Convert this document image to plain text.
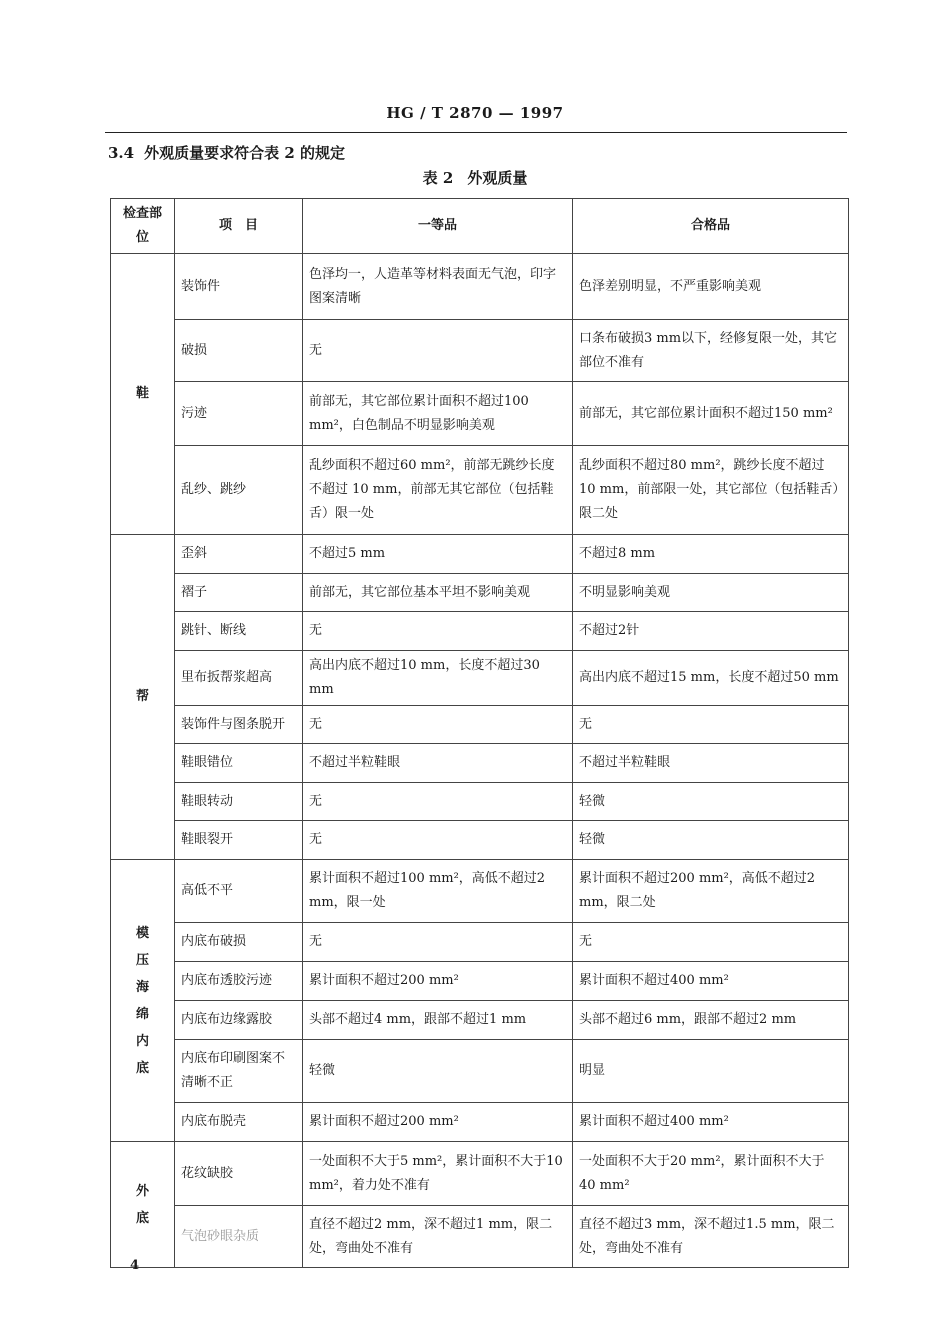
HG / T 2870 — 1997
3.4 外观质量要求符合表 2 的规定
表 2 外观质量
检查部位	项　目	一等品	合格品
鞋	装饰件	色泽均一，人造革等材料表面无气泡，印字图案清晰	色泽差别明显，不严重影响美观
	破损	无	口条布破损3 mm以下，经修复限一处，其它部位不准有
	污迹	前部无，其它部位累计面积不超过100 mm²，白色制品不明显影响美观	前部无，其它部位累计面积不超过150 mm²
	乱纱、跳纱	乱纱面积不超过60 mm²，前部无跳纱长度不超过 10 mm，前部无其它部位（包括鞋舌）限一处	乱纱面积不超过80 mm²，跳纱长度不超过 10 mm，前部限一处，其它部位（包括鞋舌）限二处
帮	歪斜	不超过5 mm	不超过8 mm
	褶子	前部无，其它部位基本平坦不影响美观	不明显影响美观
	跳针、断线	无	不超过2针
	里布扳帮浆超高	高出内底不超过10 mm，长度不超过30 mm	高出内底不超过15 mm，长度不超过50 mm
	装饰件与图条脱开	无	无
	鞋眼错位	不超过半粒鞋眼	不超过半粒鞋眼
	鞋眼转动	无	轻微
	鞋眼裂开	无	轻微
模压海绵内底	高低不平	累计面积不超过100 mm²，高低不超过2 mm，限一处	累计面积不超过200 mm²，高低不超过2 mm，限二处
	内底布破损	无	无
	内底布透胶污迹	累计面积不超过200 mm²	累计面积不超过400 mm²
	内底布边缘露胶	头部不超过4 mm，跟部不超过1 mm	头部不超过6 mm，跟部不超过2 mm
	内底布印刷图案不清晰不正	轻微	明显
	内底布脱壳	累计面积不超过200 mm²	累计面积不超过400 mm²
外　底	花纹缺胶	一处面积不大于5 mm²，累计面积不大于10 mm²，着力处不准有	一处面积不大于20 mm²，累计面积不大于 40 mm²
	气泡砂眼杂质	直径不超过2 mm，深不超过1 mm，限二处，弯曲处不准有	直径不超过3 mm，深不超过1.5 mm，限二处，弯曲处不准有
4
